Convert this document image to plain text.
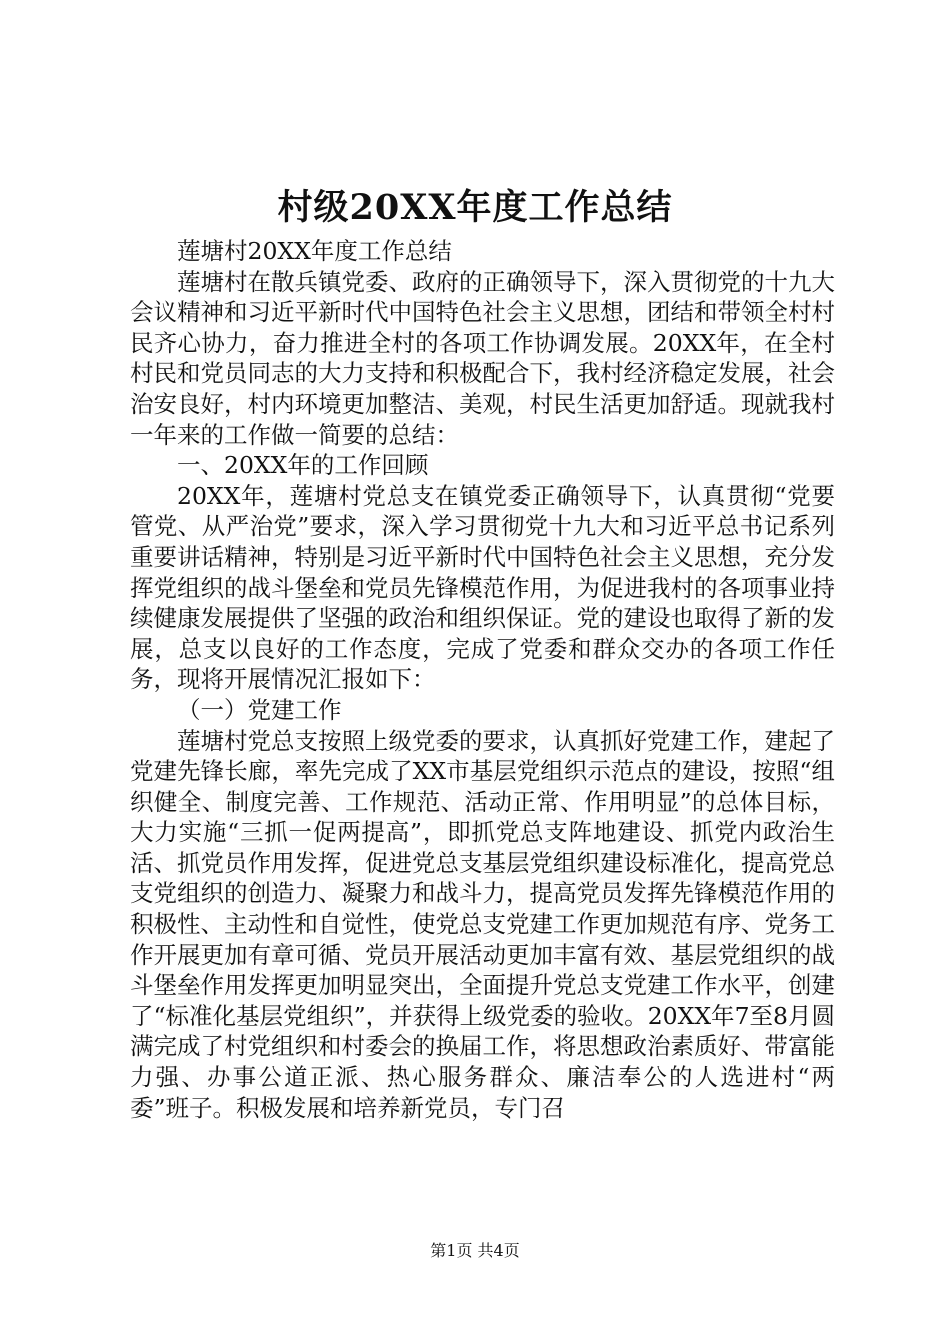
村级20XX年度工作总结

莲塘村20XX年度工作总结

莲塘村在散兵镇党委、政府的正确领导下，深入贯彻党的十九大会议精神和习近平新时代中国特色社会主义思想，团结和带领全村村民齐心协力，奋力推进全村的各项工作协调发展。20XX年，在全村村民和党员同志的大力支持和积极配合下，我村经济稳定发展，社会治安良好，村内环境更加整洁、美观，村民生活更加舒适。现就我村一年来的工作做一简要的总结：

一、20XX年的工作回顾

20XX年，莲塘村党总支在镇党委正确领导下，认真贯彻“党要管党、从严治党”要求，深入学习贯彻党十九大和习近平总书记系列重要讲话精神，特别是习近平新时代中国特色社会主义思想，充分发挥党组织的战斗堡垒和党员先锋模范作用，为促进我村的各项事业持续健康发展提供了坚强的政治和组织保证。党的建设也取得了新的发展，总支以良好的工作态度，完成了党委和群众交办的各项工作任务，现将开展情况汇报如下：

（一）党建工作

莲塘村党总支按照上级党委的要求，认真抓好党建工作，建起了党建先锋长廊，率先完成了XX市基层党组织示范点的建设，按照“组织健全、制度完善、工作规范、活动正常、作用明显”的总体目标，大力实施“三抓一促两提高”，即抓党总支阵地建设、抓党内政治生活、抓党员作用发挥，促进党总支基层党组织建设标准化，提高党总支党组织的创造力、凝聚力和战斗力，提高党员发挥先锋模范作用的积极性、主动性和自觉性，使党总支党建工作更加规范有序、党务工作开展更加有章可循、党员开展活动更加丰富有效、基层党组织的战斗堡垒作用发挥更加明显突出，全面提升党总支党建工作水平，创建了“标准化基层党组织”，并获得上级党委的验收。20XX年7至8月圆满完成了村党组织和村委会的换届工作，将思想政治素质好、带富能力强、办事公道正派、热心服务群众、廉洁奉公的人选进村“两委”班子。积极发展和培养新党员，专门召

第1页 共4页
